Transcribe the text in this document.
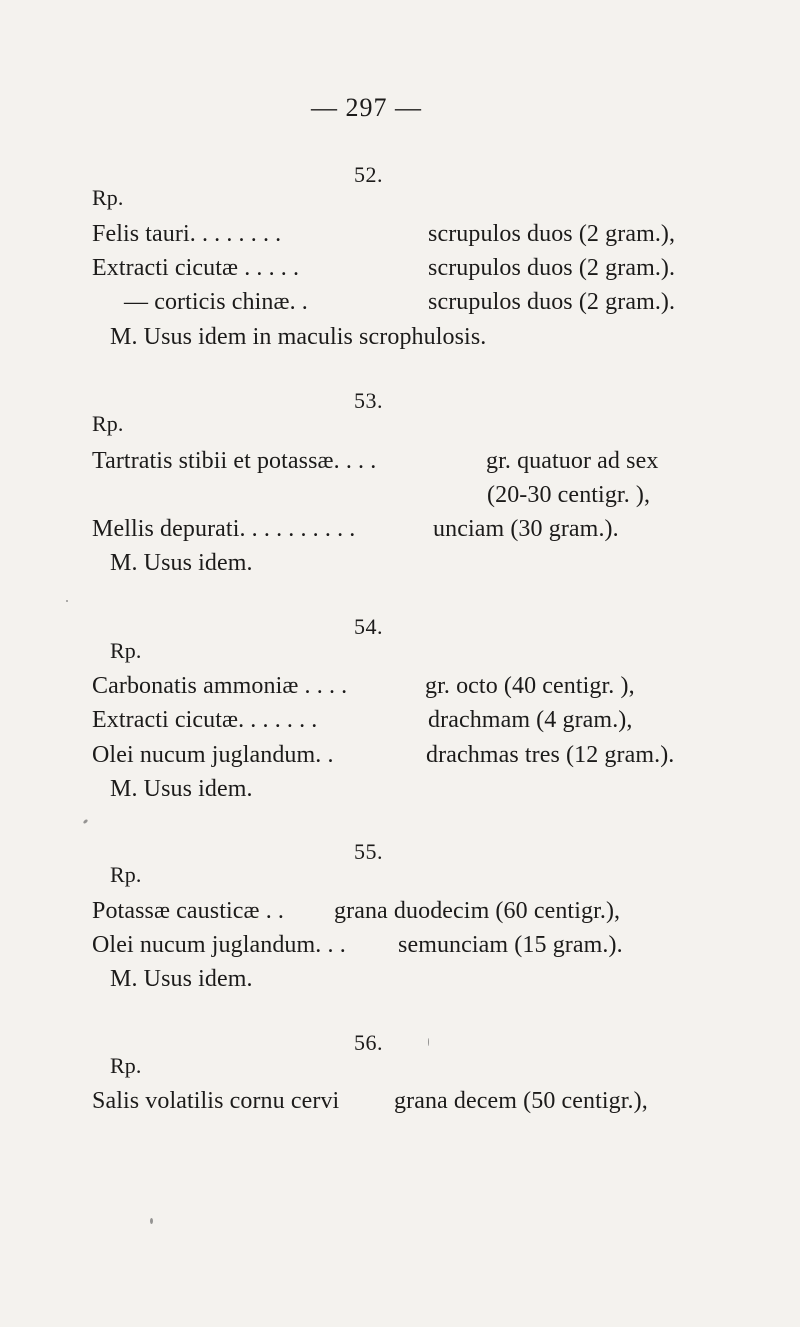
— 297 —
52.
Rp.
Felis tauri. . . . . . . .	scrupulos duos (2 gram.),
Extracti cicutæ . . . . .	scrupulos duos (2 gram.).
— corticis chinæ. .	scrupulos duos (2 gram.).
M. Usus idem in maculis scrophulosis.
53.
Rp.
Tartratis stibii et potassæ. . . .	gr. quatuor ad sex
(20-30 centigr. ),
Mellis depurati. . . . . . . . . .	unciam (30 gram.).
M. Usus idem.
54.
Rp.
Carbonatis ammoniæ . . . .	gr. octo (40 centigr. ),
Extracti cicutæ. . . . . . .	drachmam (4 gram.),
Olei nucum juglandum. .	drachmas tres (12 gram.).
M. Usus idem.
55.
Rp.
Potassæ causticæ . . grana duodecim (60 centigr.),
Olei nucum juglandum. . . semunciam (15 gram.).
M. Usus idem.
56.
Rp.
Salis volatilis cornu cervi grana decem (50 centigr.),
